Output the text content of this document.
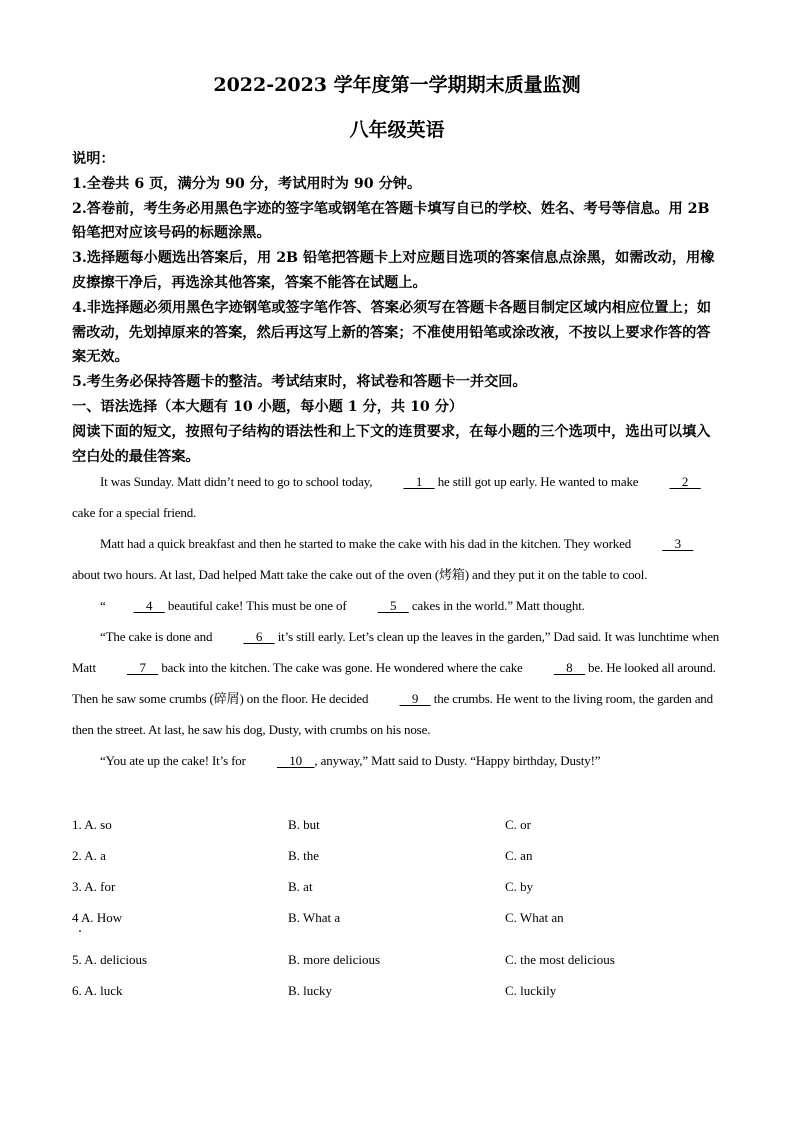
2022-2023 学年度第一学期期末质量监测
八年级英语

说明：

1.全卷共 6 页，满分为 90 分，考试用时为 90 分钟。

2.答卷前，考生务必用黑色字迹的签字笔或钢笔在答题卡填写自已的学校、姓名、考号等信息。用 2B 铅笔把对应该号码的标题涂黑。

3.选择题每小题选出答案后，用 2B 铅笔把答题卡上对应题目选项的答案信息点涂黑，如需改动，用橡皮擦擦干净后，再选涂其他答案，答案不能答在试题上。

4.非选择题必须用黑色字迹钢笔或签字笔作答、答案必须写在答题卡各题目制定区域内相应位置上；如需改动，先划掉原来的答案，然后再这写上新的答案；不准使用铅笔或涂改液，不按以上要求作答的答案无效。

5.考生务必保持答题卡的整洁。考试结束时，将试卷和答题卡一并交回。

一、语法选择（本大题有 10 小题，每小题 1 分，共 10 分）

阅读下面的短文，按照句子结构的语法性和上下文的连贯要求，在每小题的三个选项中，选出可以填入空白处的最佳答案。

It was Sunday. Matt didn’t need to go to school today,     1     he still got up early. He wanted to make     2     cake for a special friend.

Matt had a quick breakfast and then he started to make the cake with his dad in the kitchen. They worked     3     about two hours. At last, Dad helped Matt take the cake out of the oven (烤箱) and they put it on the table to cool.

“    4     beautiful cake! This must be one of     5     cakes in the world.” Matt thought.

“The cake is done and     6     it’s still early. Let’s clean up the leaves in the garden,” Dad said. It was lunchtime when Matt     7     back into the kitchen. The cake was gone. He wondered where the cake     8     be. He looked all around. Then he saw some crumbs (碎屑) on the floor. He decided     9     the crumbs. He went to the living room, the garden and then the street. At last, he saw his dog, Dusty, with crumbs on his nose.

“You ate up the cake! It’s for     10    , anyway,” Matt said to Dusty. “Happy birthday, Dusty!”

1. A. so	B. but	C. or
2. A. a	B. the	C. an
3. A. for	B. at	C. by
4 A. How	B. What a	C. What an
5. A. delicious	B. more delicious	C. the most delicious
6. A. luck	B. lucky	C. luckily
